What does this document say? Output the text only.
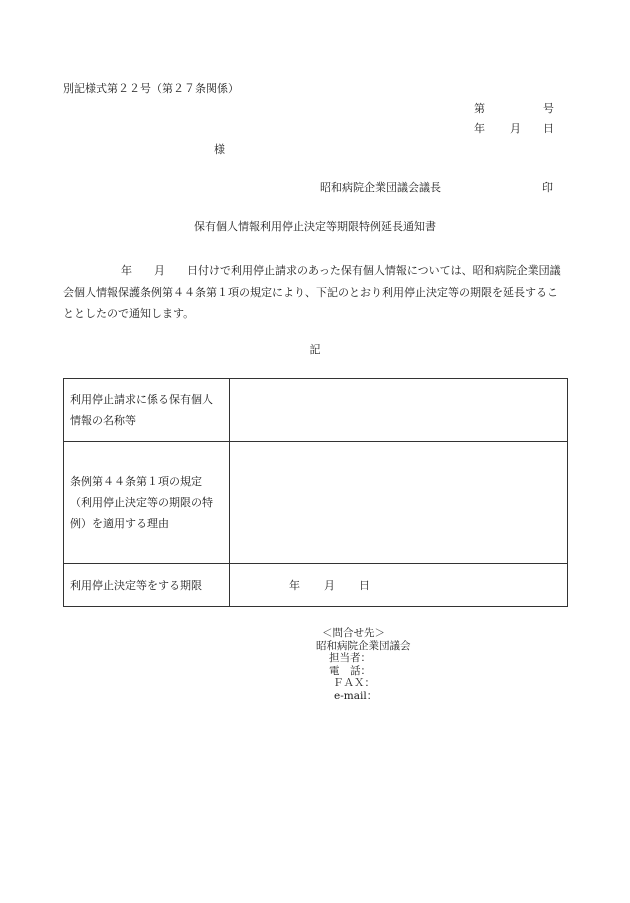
別記様式第２２号（第２７条関係）
第	号
年 月 日
様
昭和病院企業団議会議長	印
保有個人情報利用停止決定等期限特例延長通知書
年 月 日付けで利用停止請求のあった保有個人情報については、昭和病院企業団議会個人情報保護条例第４４条第１項の規定により、下記のとおり利用停止決定等の期限を延長することとしたので通知します。
記
利用停止請求に係る保有個人情報の名称等	
条例第４４条第１項の規定（利用停止決定等の期限の特例）を適用する理由	
利用停止決定等をする期限	年 月 日
＜問合せ先＞
昭和病院企業団議会
担当者：
電　話：
ＦＡＸ：
e-mail：
